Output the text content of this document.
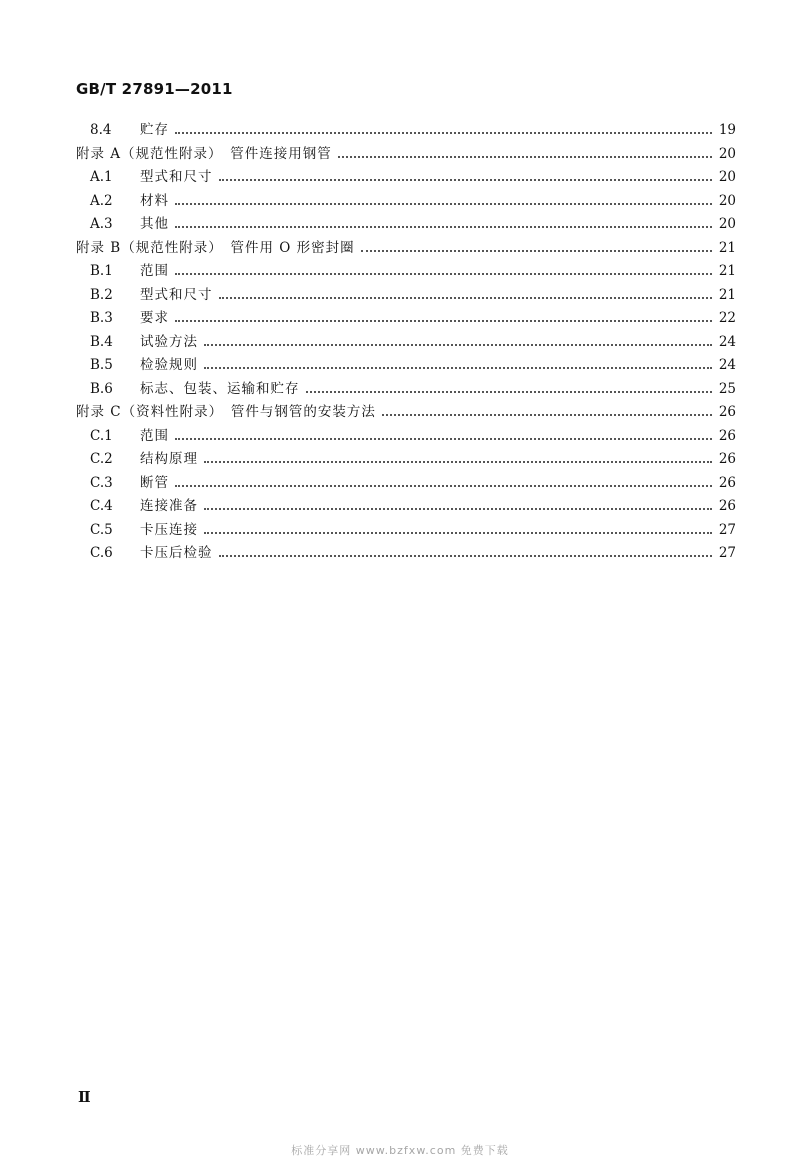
GB/T 27891—2011
8.4	贮存	19
附录 A（规范性附录）　管件连接用钢管	20
A.1	型式和尺寸	20
A.2	材料	20
A.3	其他	20
附录 B（规范性附录）　管件用 O 形密封圈	21
B.1	范围	21
B.2	型式和尺寸	21
B.3	要求	22
B.4	试验方法	24
B.5	检验规则	24
B.6	标志、包装、运输和贮存	25
附录 C（资料性附录）　管件与钢管的安装方法	26
C.1	范围	26
C.2	结构原理	26
C.3	断管	26
C.4	连接准备	26
C.5	卡压连接	27
C.6	卡压后检验	27
Ⅱ
标准分享网 www.bzfxw.com 免费下载
